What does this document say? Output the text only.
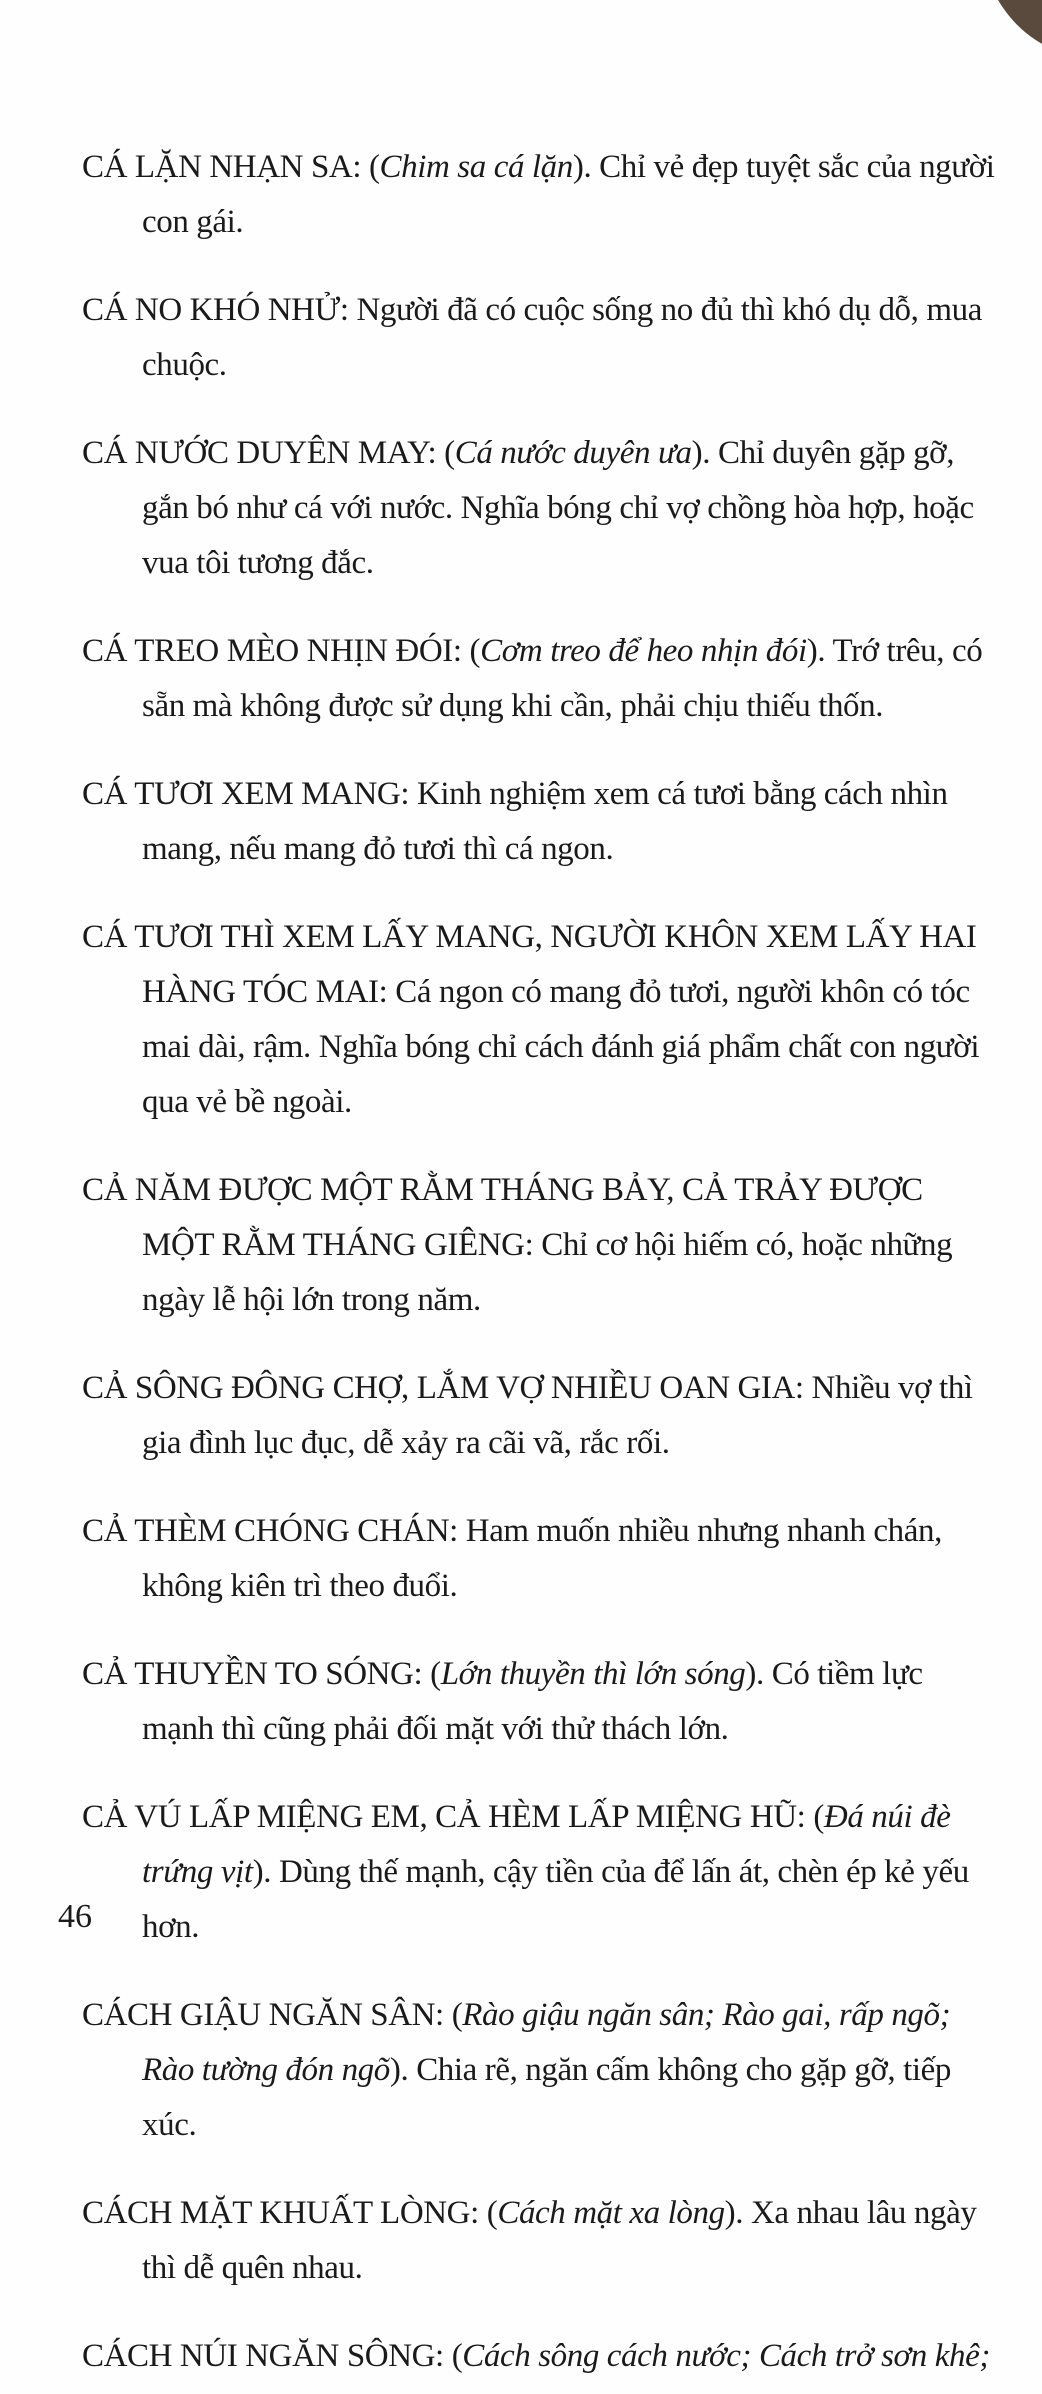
CÁ LẶN NHẠN SA: (Chim sa cá lặn). Chỉ vẻ đẹp tuyệt sắc của người con gái.

CÁ NO KHÓ NHỬ: Người đã có cuộc sống no đủ thì khó dụ dỗ, mua chuộc.

CÁ NƯỚC DUYÊN MAY: (Cá nước duyên ưa). Chỉ duyên gặp gỡ, gắn bó như cá với nước. Nghĩa bóng chỉ vợ chồng hòa hợp, hoặc vua tôi tương đắc.

CÁ TREO MÈO NHỊN ĐÓI: (Cơm treo để heo nhịn đói). Trớ trêu, có sẵn mà không được sử dụng khi cần, phải chịu thiếu thốn.

CÁ TƯƠI XEM MANG: Kinh nghiệm xem cá tươi bằng cách nhìn mang, nếu mang đỏ tươi thì cá ngon.

CÁ TƯƠI THÌ XEM LẤY MANG, NGƯỜI KHÔN XEM LẤY HAI HÀNG TÓC MAI: Cá ngon có mang đỏ tươi, người khôn có tóc mai dài, rậm. Nghĩa bóng chỉ cách đánh giá phẩm chất con người qua vẻ bề ngoài.

CẢ NĂM ĐƯỢC MỘT RẰM THÁNG BẢY, CẢ TRẢY ĐƯỢC MỘT RẰM THÁNG GIÊNG: Chỉ cơ hội hiếm có, hoặc những ngày lễ hội lớn trong năm.

CẢ SÔNG ĐÔNG CHỢ, LẮM VỢ NHIỀU OAN GIA: Nhiều vợ thì gia đình lục đục, dễ xảy ra cãi vã, rắc rối.

CẢ THÈM CHÓNG CHÁN: Ham muốn nhiều nhưng nhanh chán, không kiên trì theo đuổi.

CẢ THUYỀN TO SÓNG: (Lớn thuyền thì lớn sóng). Có tiềm lực mạnh thì cũng phải đối mặt với thử thách lớn.

CẢ VÚ LẤP MIỆNG EM, CẢ HÈM LẤP MIỆNG HŨ: (Đá núi đè trứng vịt). Dùng thế mạnh, cậy tiền của để lấn át, chèn ép kẻ yếu hơn.

CÁCH GIẬU NGĂN SÂN: (Rào giậu ngăn sân; Rào gai, rấp ngõ; Rào tường đón ngõ). Chia rẽ, ngăn cấm không cho gặp gỡ, tiếp xúc.

CÁCH MẶT KHUẤT LÒNG: (Cách mặt xa lòng). Xa nhau lâu ngày thì dễ quên nhau.

CÁCH NÚI NGĂN SÔNG: (Cách sông cách nước; Cách trở sơn khê;

46
